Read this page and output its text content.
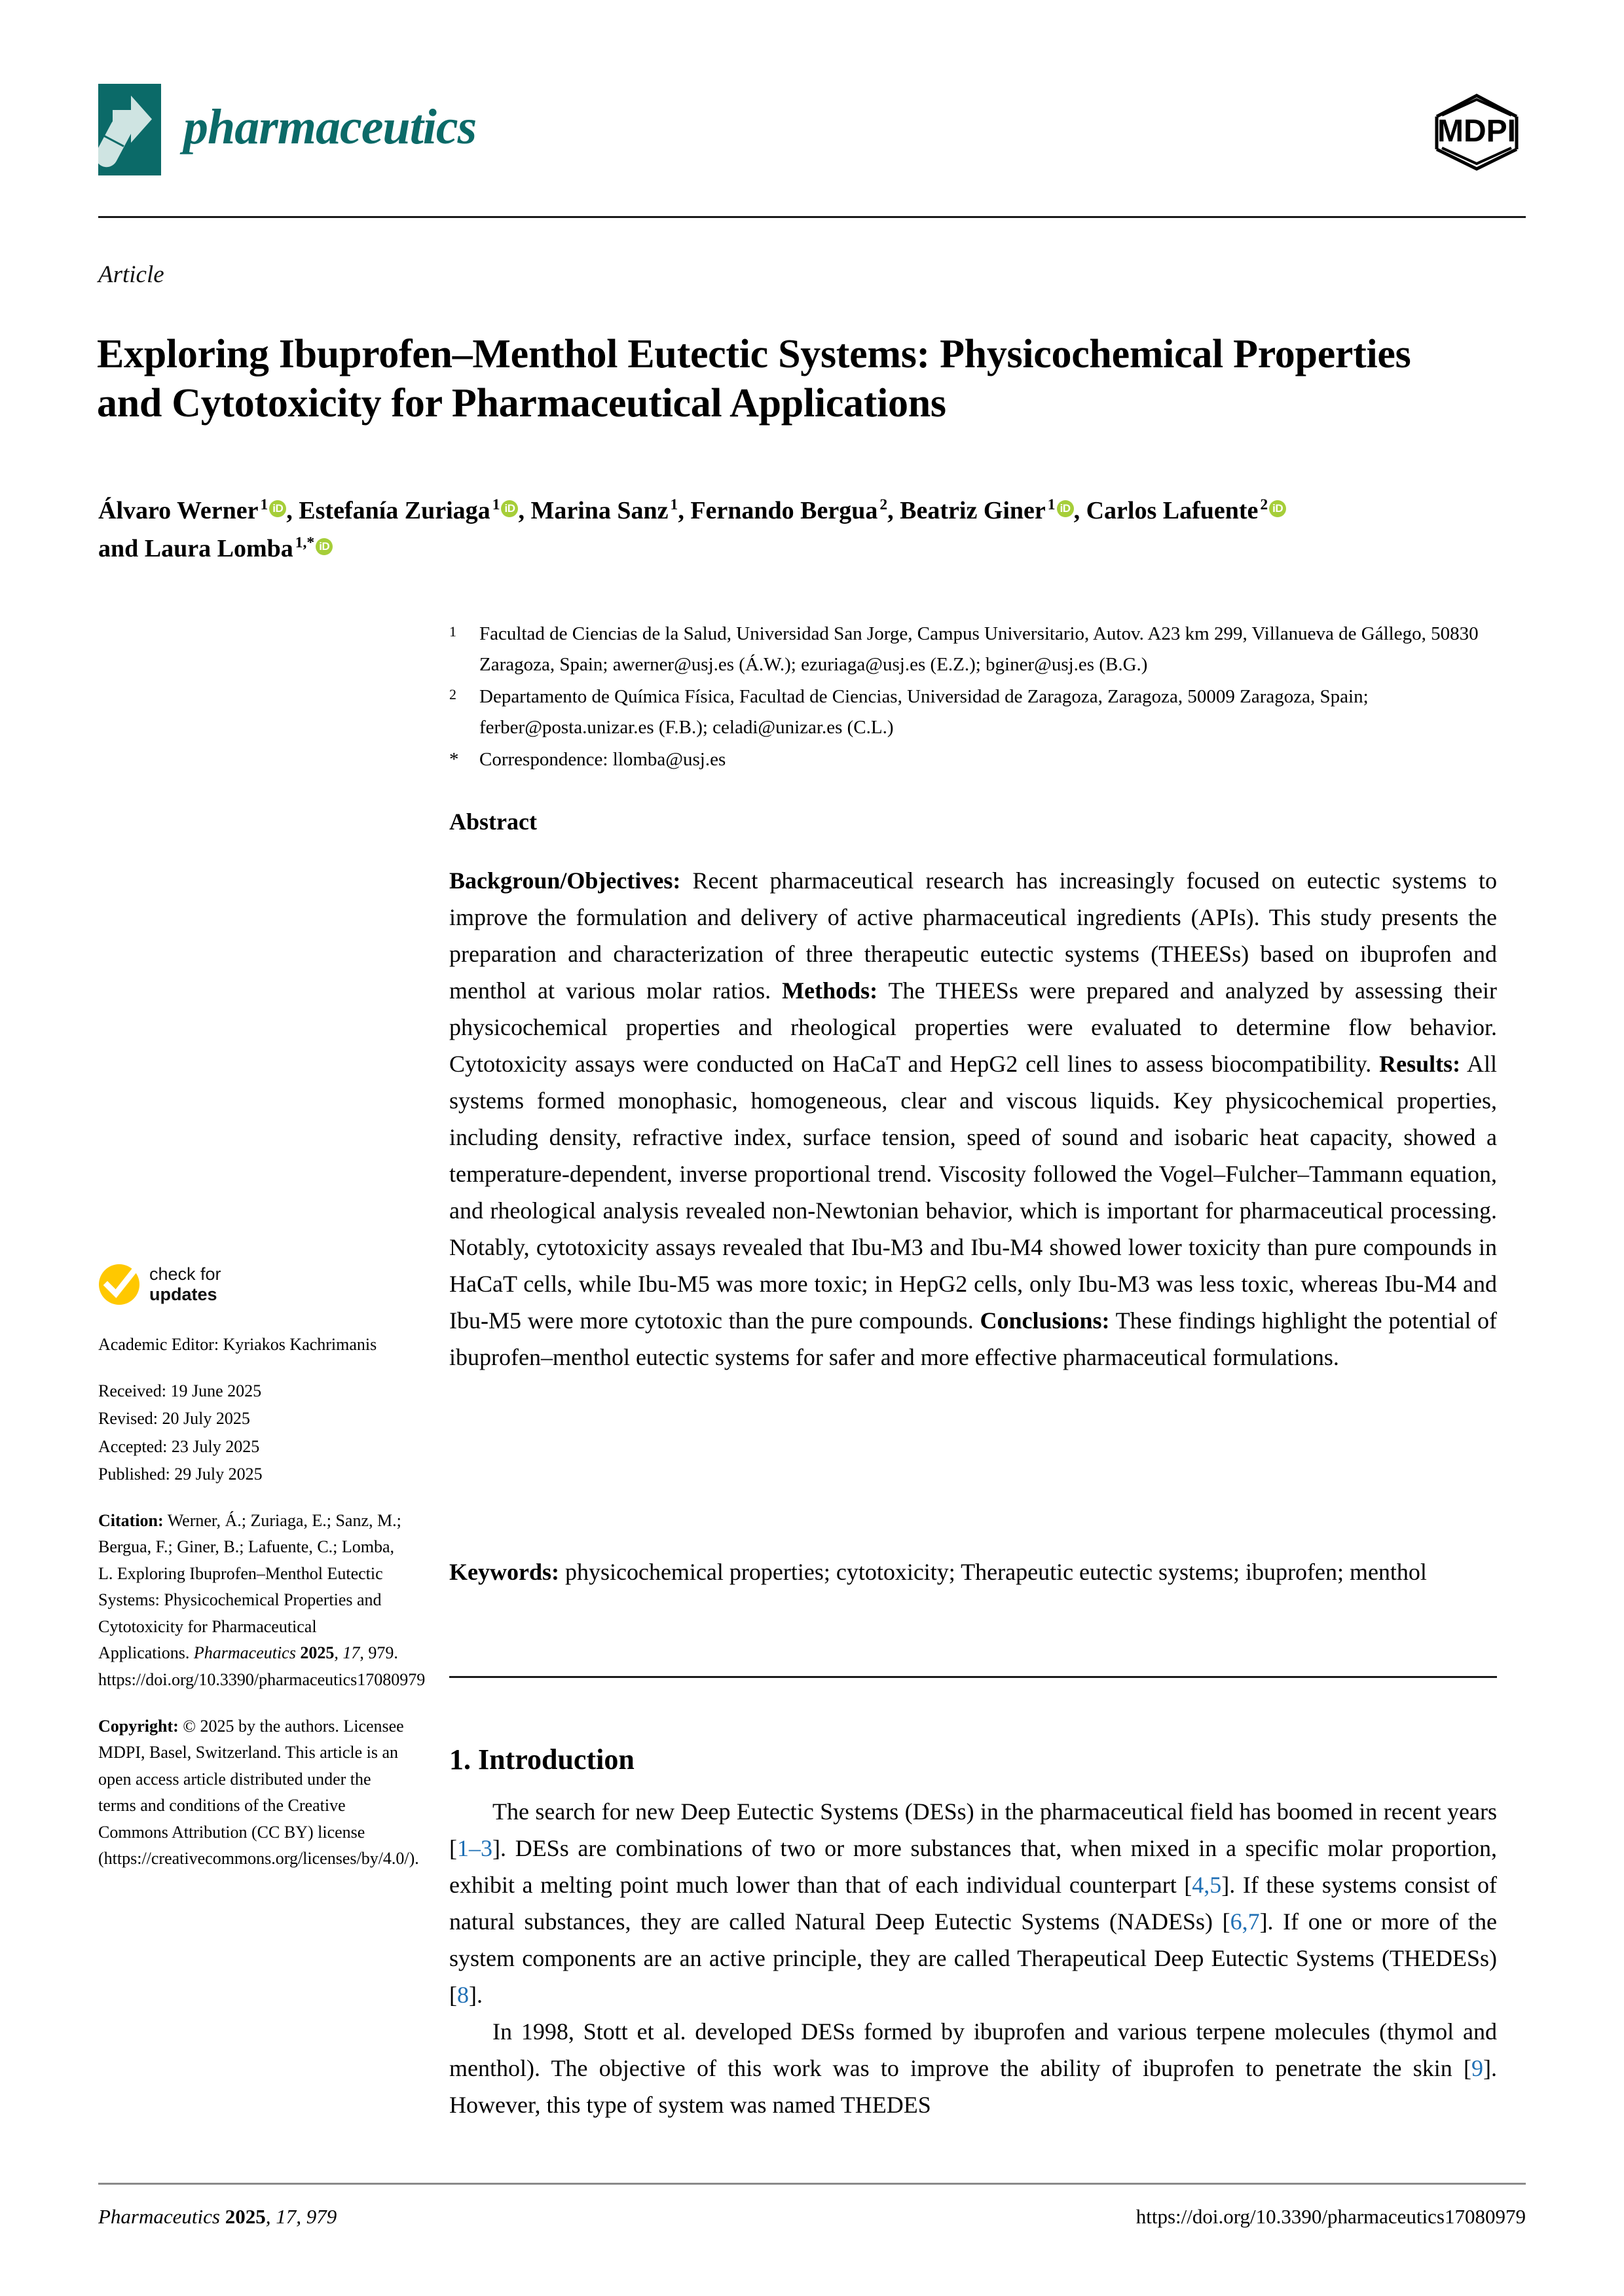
pharmaceutics	MDPI
Article
Exploring Ibuprofen–Menthol Eutectic Systems: Physicochemical Properties and Cytotoxicity for Pharmaceutical Applications
Álvaro Werner $^1$ iD , Estefanía Zuriaga $^1$ iD , Marina Sanz $^1$, Fernando Bergua $^2$, Beatriz Giner $^1$ iD , Carlos Lafuente $^2$ iD
and Laura Lomba $^{1,*}$ iD
1	Facultad de Ciencias de la Salud, Universidad San Jorge, Campus Universitario, Autov. A23 km 299, Villanueva de Gállego, 50830 Zaragoza, Spain; awerner@usj.es (Á.W.); ezuriaga@usj.es (E.Z.); bginer@usj.es (B.G.)
2	Departamento de Química Física, Facultad de Ciencias, Universidad de Zaragoza, Zaragoza, 50009 Zaragoza, Spain; ferber@posta.unizar.es (F.B.); celadi@unizar.es (C.L.)
*	Correspondence: llomba@usj.es
Abstract
Backgroun/Objectives: Recent pharmaceutical research has increasingly focused on eutectic systems to improve the formulation and delivery of active pharmaceutical ingredients (APIs). This study presents the preparation and characterization of three therapeutic eutectic systems (THEESs) based on ibuprofen and menthol at various molar ratios. Methods: The THEESs were prepared and analyzed by assessing their physicochemical properties and rheological properties were evaluated to determine flow behavior. Cytotoxicity assays were conducted on HaCaT and HepG2 cell lines to assess biocompatibility. Results: All systems formed monophasic, homogeneous, clear and viscous liquids. Key physicochemical properties, including density, refractive index, surface tension, speed of sound and isobaric heat capacity, showed a temperature-dependent, inverse proportional trend. Viscosity followed the Vogel–Fulcher–Tammann equation, and rheological analysis revealed non-Newtonian behavior, which is important for pharmaceutical processing. Notably, cytotoxicity assays revealed that Ibu-M3 and Ibu-M4 showed lower toxicity than pure compounds in HaCaT cells, while Ibu-M5 was more toxic; in HepG2 cells, only Ibu-M3 was less toxic, whereas Ibu-M4 and Ibu-M5 were more cytotoxic than the pure compounds. Conclusions: These findings highlight the potential of ibuprofen–menthol eutectic systems for safer and more effective pharmaceutical formulations.
Keywords: physicochemical properties; cytotoxicity; Therapeutic eutectic systems; ibuprofen; menthol
1. Introduction

The search for new Deep Eutectic Systems (DESs) in the pharmaceutical field has boomed in recent years [1–3]. DESs are combinations of two or more substances that, when mixed in a specific molar proportion, exhibit a melting point much lower than that of each individual counterpart [4,5]. If these systems consist of natural substances, they are called Natural Deep Eutectic Systems (NADESs) [6,7]. If one or more of the system components are an active principle, they are called Therapeutical Deep Eutectic Systems (THEDESs) [8].

In 1998, Stott et al. developed DESs formed by ibuprofen and various terpene molecules (thymol and menthol). The objective of this work was to improve the ability of ibuprofen to penetrate the skin [9]. However, this type of system was named THEDES

check for
updates

Academic Editor: Kyriakos Kachrimanis

Received: 19 June 2025

Revised: 20 July 2025

Accepted: 23 July 2025

Published: 29 July 2025

Citation: Werner, Á.; Zuriaga, E.; Sanz, M.; Bergua, F.; Giner, B.; Lafuente, C.; Lomba, L. Exploring Ibuprofen–Menthol Eutectic Systems: Physicochemical Properties and Cytotoxicity for Pharmaceutical Applications. Pharmaceutics 2025, 17, 979. https://doi.org/10.3390/pharmaceutics17080979

Copyright: © 2025 by the authors. Licensee MDPI, Basel, Switzerland. This article is an open access article distributed under the terms and conditions of the Creative Commons Attribution (CC BY) license (https://creativecommons.org/licenses/by/4.0/).

Pharmaceutics 2025, 17, 979	https://doi.org/10.3390/pharmaceutics17080979
